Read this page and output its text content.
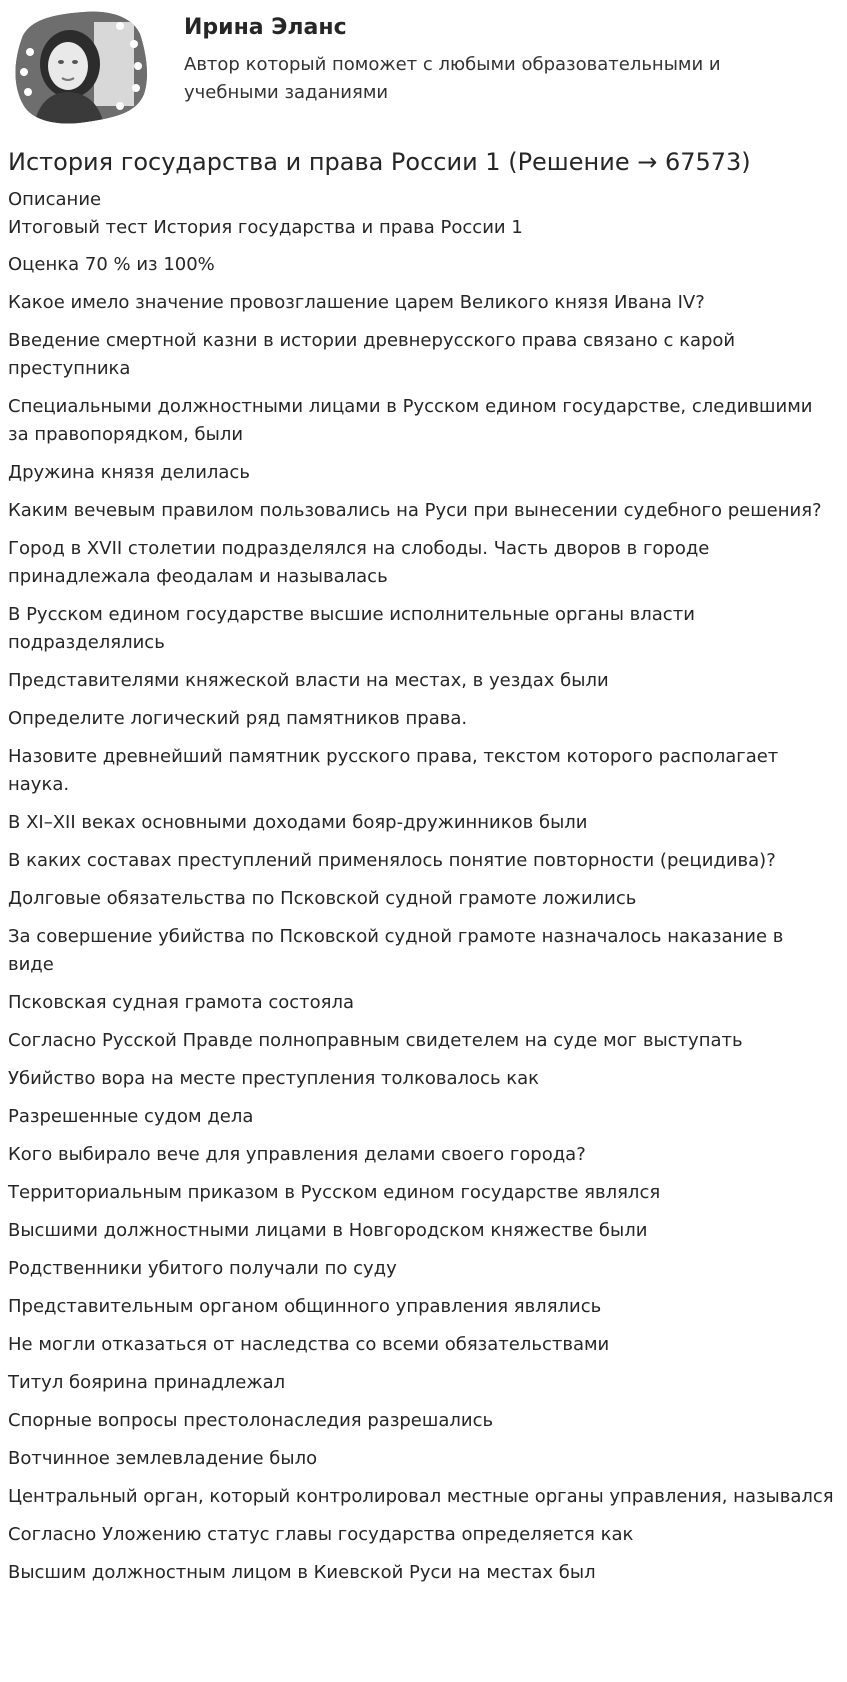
Ирина Эланс
Автор который поможет с любыми образовательными и учебными заданиями
История государства и права России 1 (Решение → 67573)
Описание
Итоговый тест История государства и права России 1
Оценка 70 % из 100%
Какое имело значение провозглашение царем Великого князя Ивана IV?
Введение смертной казни в истории древнерусского права связано с карой преступника
Специальными должностными лицами в Русском едином государстве, следившими за правопорядком, были
Дружина князя делилась
Каким вечевым правилом пользовались на Руси при вынесении судебного решения?
Город в XVII столетии подразделялся на слободы. Часть дворов в городе принадлежала феодалам и называлась
В Русском едином государстве высшие исполнительные органы власти подразделялись
Представителями княжеской власти на местах, в уездах были
Определите логический ряд памятников права.
Назовите древнейший памятник русского права, текстом которого располагает наука.
В XI–XII веках основными доходами бояр-дружинников были
В каких составах преступлений применялось понятие повторности (рецидива)?
Долговые обязательства по Псковской судной грамоте ложились
За совершение убийства по Псковской судной грамоте назначалось наказание в виде
Псковская судная грамота состояла
Согласно Русской Правде полноправным свидетелем на суде мог выступать
Убийство вора на месте преступления толковалось как
Разрешенные судом дела
Кого выбирало вече для управления делами своего города?
Территориальным приказом в Русском едином государстве являлся
Высшими должностными лицами в Новгородском княжестве были
Родственники убитого получали по суду
Представительным органом общинного управления являлись
Не могли отказаться от наследства со всеми обязательствами
Титул боярина принадлежал
Спорные вопросы престолонаследия разрешались
Вотчинное землевладение было
Центральный орган, который контролировал местные органы управления, назывался
Согласно Уложению статус главы государства определяется как
Высшим должностным лицом в Киевской Руси на местах был
